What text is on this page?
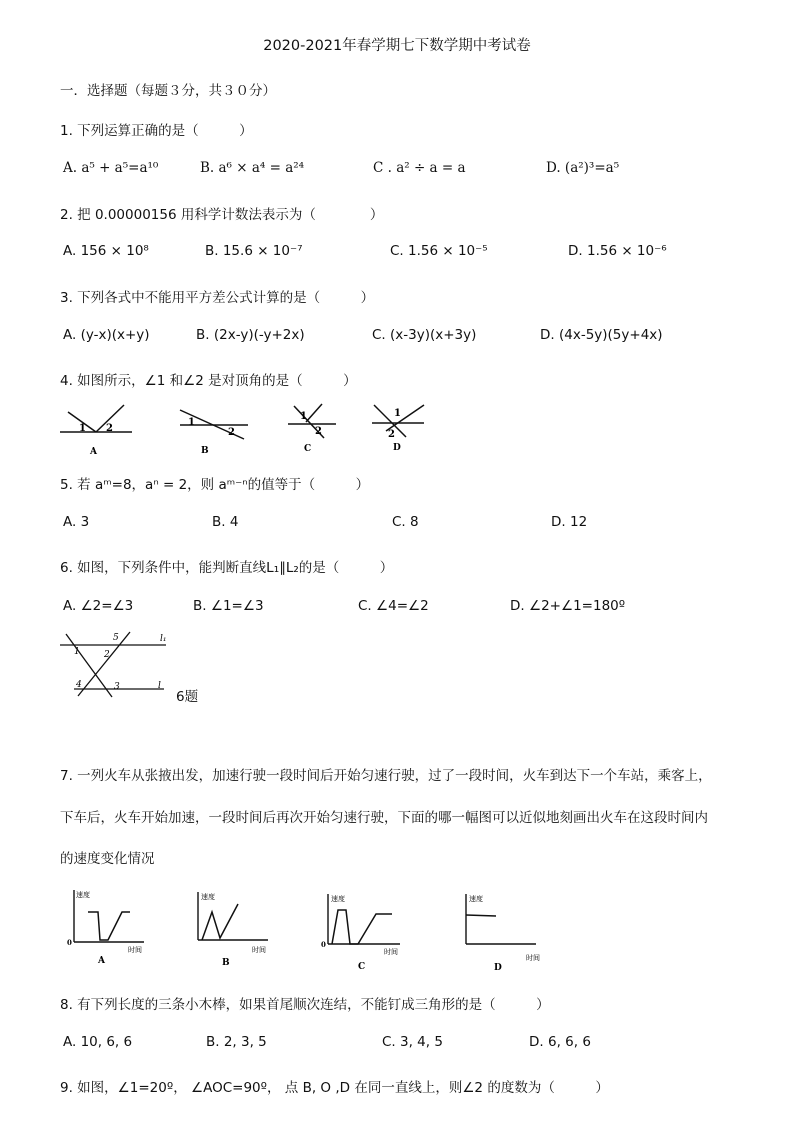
2020-2021年春学期七下数学期中考试卷
一．选择题（每题３分，共３０分）
1. 下列运算正确的是（　　　）
A. a⁵ + a⁵=a¹⁰	B. a⁶ × a⁴ = a²⁴	C . a² ÷ a = a	D. (a²)³=a⁵
2. 把 0.00000156 用科学计数法表示为（　　　　）
A. 156 × 10⁸	B. 15.6 × 10⁻⁷	C. 1.56 × 10⁻⁵	D. 1.56 × 10⁻⁶
3. 下列各式中不能用平方差公式计算的是（　　　）
A. (y-x)(x+y)	B. (2x-y)(-y+2x)	C. (x-3y)(x+3y)	D. (4x-5y)(5y+4x)
4. 如图所示，∠1 和∠2 是对顶角的是（　　　）
1 2
A
1
2
B
1
2
C
1
2
D
5. 若 aᵐ=8，aⁿ = 2，则 aᵐ⁻ⁿ的值等于（　　　）
A. 3	B. 4	C. 8	D. 12
6. 如图，下列条件中，能判断直线L₁∥L₂的是（　　　）
A. ∠2=∠3	B. ∠1=∠3	C. ∠4=∠2	D. ∠2+∠1=180º
5	l₁
1	2
4	3	l
6题
7. 一列火车从张掖出发，加速行驶一段时间后开始匀速行驶，过了一段时间，火车到达下一个车站，乘客上，
下车后，火车开始加速，一段时间后再次开始匀速行驶，下面的哪一幅图可以近似地刻画出火车在这段时间内
的速度变化情况
速度
0
时间
A
速度
时间
B
速度
0
时间
C
速度
时间
D
8. 有下列长度的三条小木棒，如果首尾顺次连结，不能钉成三角形的是（　　　）
A. 10, 6, 6	B. 2, 3, 5	C. 3, 4, 5	D. 6, 6, 6
9. 如图，∠1=20º， ∠AOC=90º， 点 B, O ,D 在同一直线上，则∠2 的度数为（　　　）
